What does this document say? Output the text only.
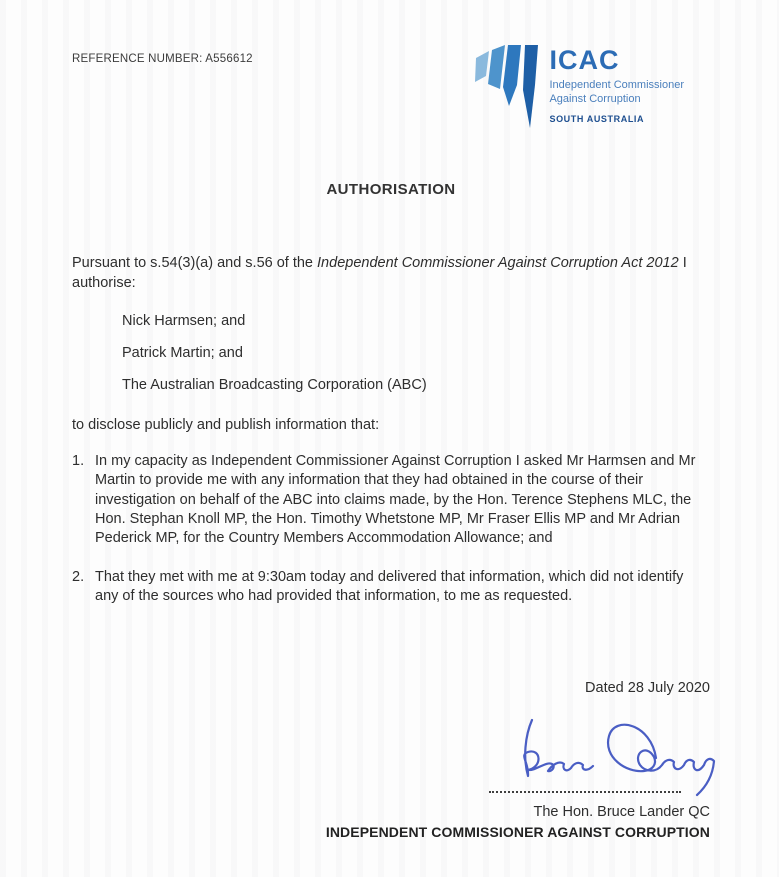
REFERENCE NUMBER: A556612	ICAC
Independent Commissioner
Against Corruption
SOUTH AUSTRALIA
AUTHORISATION
Pursuant to s.54(3)(a) and s.56 of the Independent Commissioner Against Corruption Act 2012 I authorise:
Nick Harmsen; and
Patrick Martin; and
The Australian Broadcasting Corporation (ABC)
to disclose publicly and publish information that:
1. In my capacity as Independent Commissioner Against Corruption I asked Mr Harmsen and Mr Martin to provide me with any information that they had obtained in the course of their investigation on behalf of the ABC into claims made, by the Hon. Terence Stephens MLC, the Hon. Stephan Knoll MP, the Hon. Timothy Whetstone MP, Mr Fraser Ellis MP and Mr Adrian Pederick MP, for the Country Members Accommodation Allowance; and
2. That they met with me at 9:30am today and delivered that information, which did not identify any of the sources who had provided that information, to me as requested.
Dated 28 July 2020
The Hon. Bruce Lander QC
INDEPENDENT COMMISSIONER AGAINST CORRUPTION
